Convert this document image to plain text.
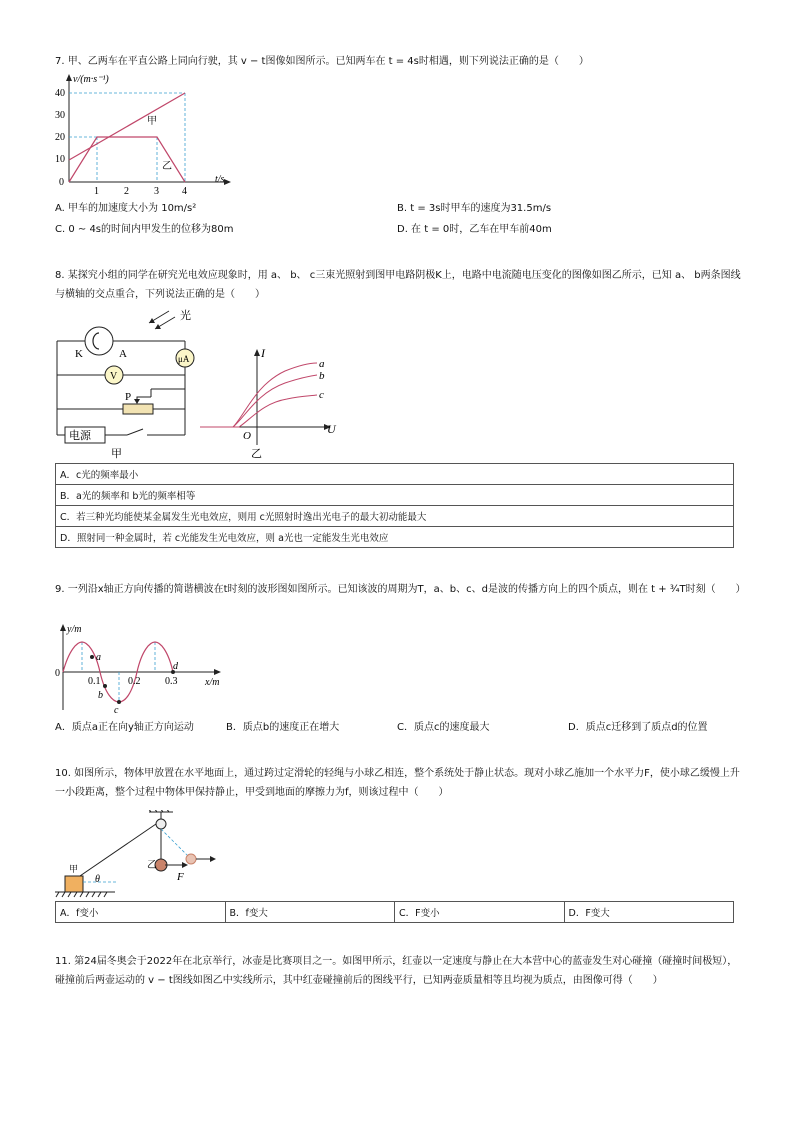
7. 甲、乙两车在平直公路上同向行驶，其 v − t图像如图所示。已知两车在 t = 4s时相遇，则下列说法正确的是（　　）
40
30
20
10
0
1	2	3 4
v/(m·s⁻¹)
t/s
甲
乙
A. 甲车的加速度大小为 10m/s²	B. t = 3s时甲车的速度为31.5m/s
C. 0 ∼ 4s的时间内甲发生的位移为80m	D. 在 t = 0时，乙车在甲车前40m
8. 某探究小组的同学在研究光电效应现象时，用 a、 b、 c三束光照射到图甲电路阴极K上，电路中电流随电压变化的图像如图乙所示，已知 a、 b两条图线与横轴的交点重合，下列说法正确的是（　　）
光
K	A	μA
V
P
电源
甲
I
U
O
a
b
c
乙
A．c光的频率最小
B．a光的频率和 b光的频率相等
C．若三种光均能使某金属发生光电效应，则用 c光照射时逸出光电子的最大初动能最大
D．照射同一种金属时，若 c光能发生光电效应，则 a光也一定能发生光电效应
9. 一列沿x轴正方向传播的简谐横波在t时刻的波形图如图所示。已知该波的周期为T，a、b、c、d是波的传播方向上的四个质点，则在 t + ¾T时刻（　　）
a
b
c
d
y/m
x/m
0
0.1	0.2 0.3
A．质点a正在向y轴正方向运动	B．质点b的速度正在增大	C．质点c的速度最大	D．质点c迁移到了质点d的位置
10. 如图所示，物体甲放置在水平地面上，通过跨过定滑轮的轻绳与小球乙相连，整个系统处于静止状态。现对小球乙施加一个水平力F，使小球乙缓慢上升一小段距离，整个过程中物体甲保持静止，甲受到地面的摩擦力为f，则该过程中（　　）
乙
F
甲
θ
A．f变小	B．f变大	C．F变小	D．F变大
11. 第24届冬奥会于2022年在北京举行，冰壶是比赛项目之一。如图甲所示，红壶以一定速度与静止在大本营中心的蓝壶发生对心碰撞（碰撞时间极短），碰撞前后两壶运动的 v − t图线如图乙中实线所示，其中红壶碰撞前后的图线平行，已知两壶质量相等且均视为质点，由图像可得（　　）
